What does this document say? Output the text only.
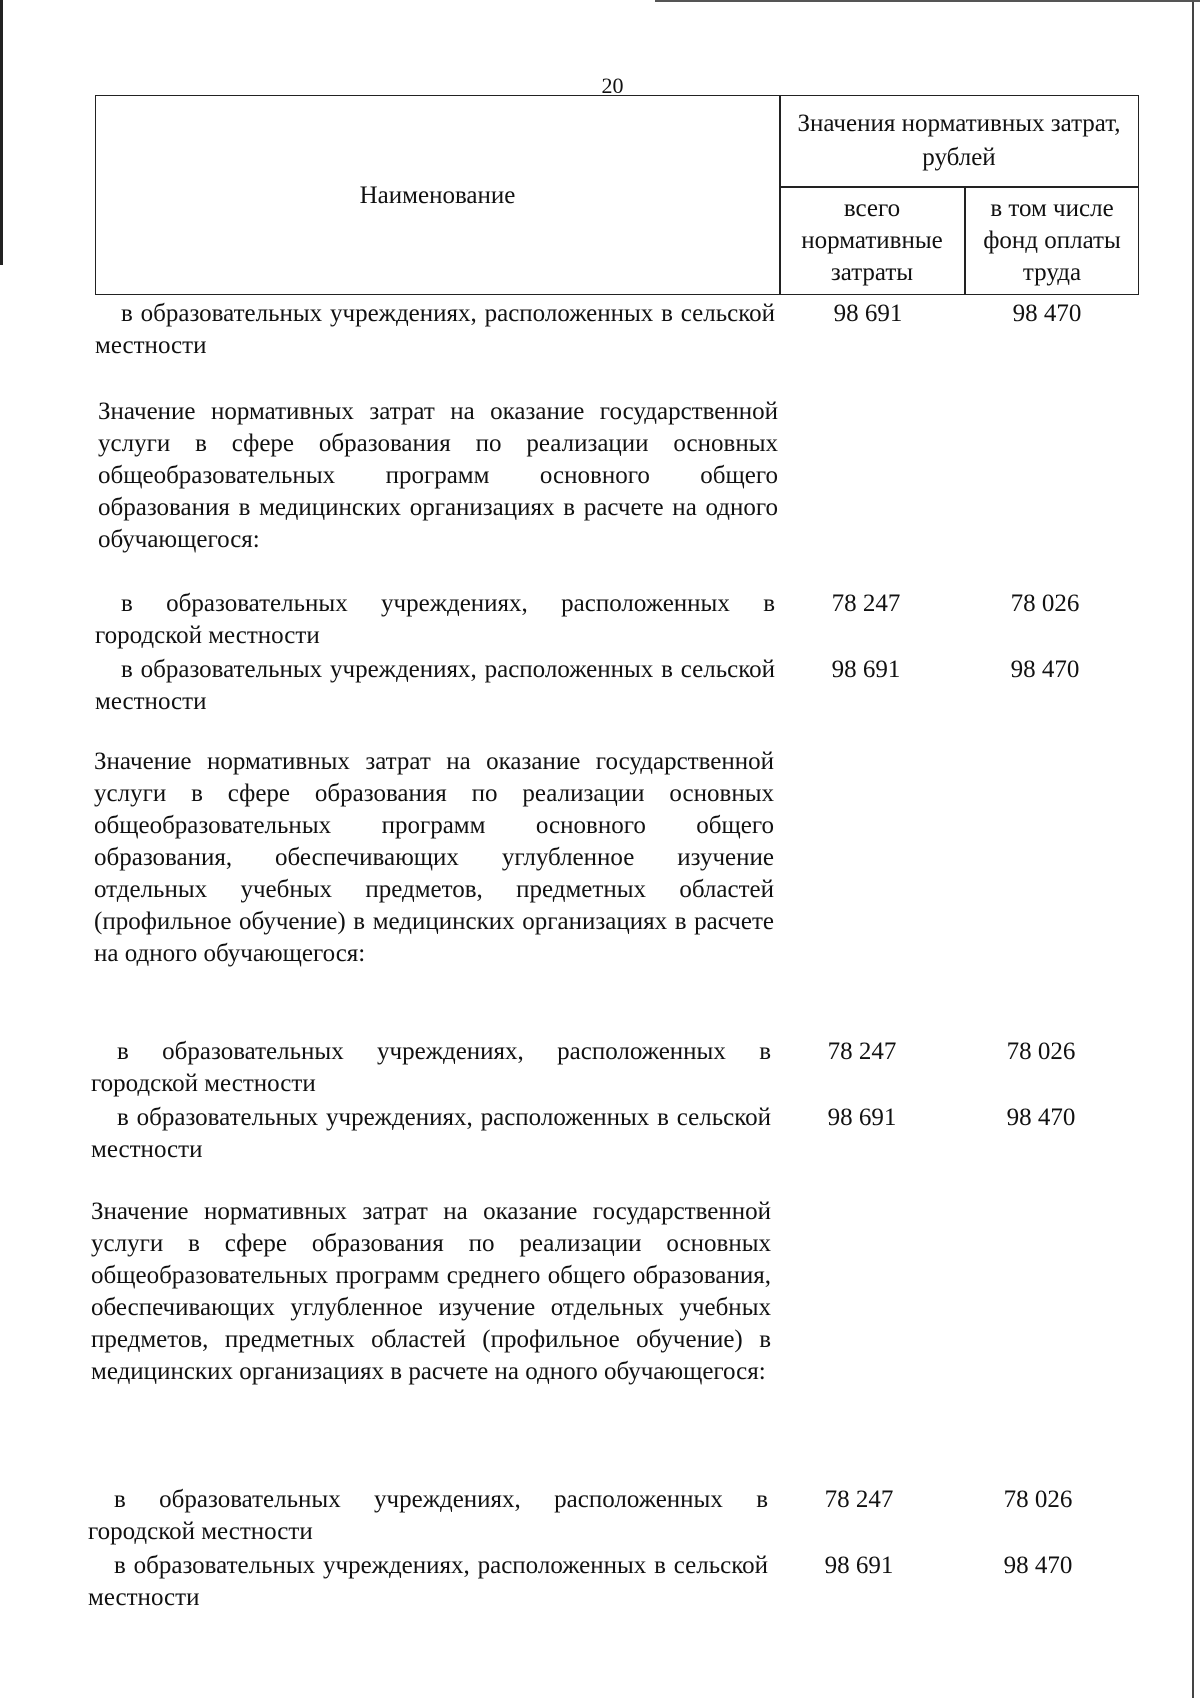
20
Наименование
Значения нормативных затрат, рублей
всего нормативные затраты
в том числе фонд оплаты труда
в образовательных учреждениях, расположенных в сельской местности
98 691	98 470
Значение нормативных затрат на оказание государственной услуги в сфере образования по реализации основных общеобразовательных программ основного общего образования в медицинских организациях в расчете на одного обучающегося:
в образовательных учреждениях, расположенных в городской местности
78 247	78 026
в образовательных учреждениях, расположенных в сельской местности
98 691	98 470
Значение нормативных затрат на оказание государственной услуги в сфере образования по реализации основных общеобразовательных программ основного общего образования, обеспечивающих углубленное изучение отдельных учебных предметов, предметных областей (профильное обучение) в медицинских организациях в расчете на одного обучающегося:
в образовательных учреждениях, расположенных в городской местности
78 247	78 026
в образовательных учреждениях, расположенных в сельской местности
98 691	98 470
Значение нормативных затрат на оказание государственной услуги в сфере образования по реализации основных общеобразовательных программ среднего общего образования, обеспечивающих углубленное изучение отдельных учебных предметов, предметных областей (профильное обучение) в медицинских организациях в расчете на одного обучающегося:
в образовательных учреждениях, расположенных в городской местности
78 247	78 026
в образовательных учреждениях, расположенных в сельской местности
98 691	98 470
